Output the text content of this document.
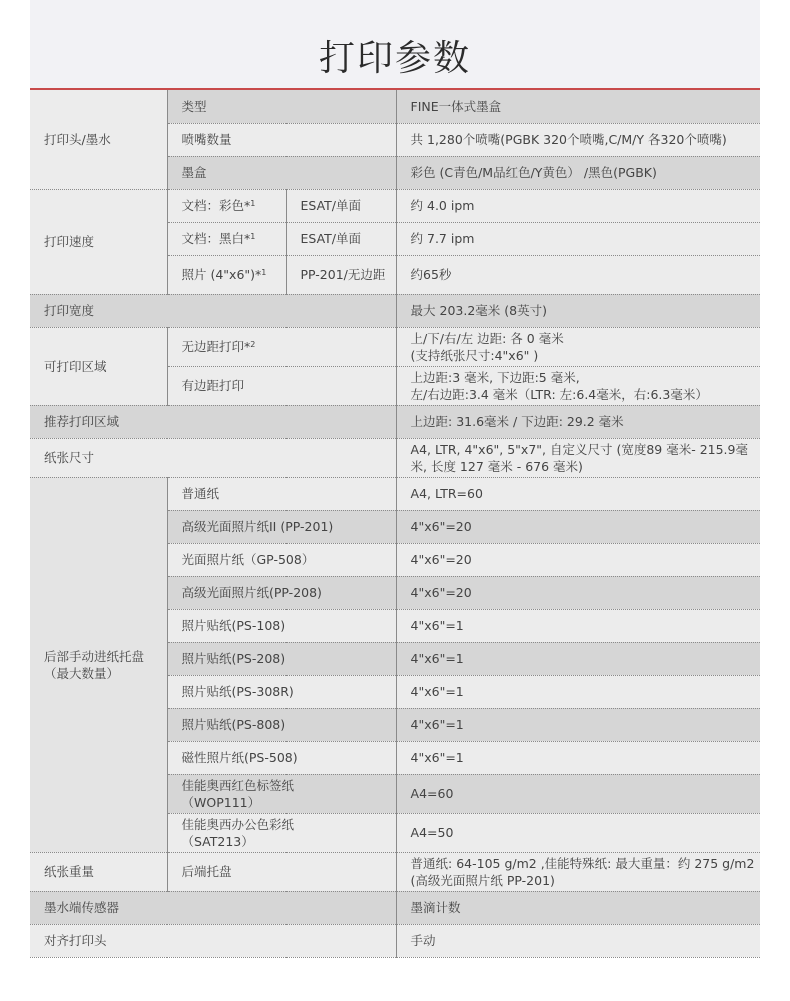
打印参数
打印头/墨水	类型		FINE一体式墨盒
	喷嘴数量		共 1,280个喷嘴(PGBK 320个喷嘴,C/M/Y 各320个喷嘴)
	墨盒		彩色 (C青色/M品红色/Y黄色） /黑色(PGBK)
打印速度	文档：彩色*$^1$	ESAT/单面	约 4.0 ipm
	文档：黑白*$^1$	ESAT/单面	约 7.7 ipm
	照片 (4"x6")*$^1$	PP-201/无边距	约65秒
打印宽度			最大 203.2毫米 (8英寸)
可打印区域	无边距打印*$^2$		上/下/右/左 边距: 各 0 毫米
(支持纸张尺寸:4"x6" )

	有边距打印		上边距:3 毫米, 下边距:5 毫米,
左/右边距:3.4 毫米（LTR: 左:6.4毫米，右:6.3毫米）

推荐打印区域			上边距: 31.6毫米 / 下边距: 29.2 毫米
纸张尺寸			A4, LTR, 4"x6", 5"x7", 自定义尺寸 (宽度89 毫米- 215.9毫米, 长度 127 毫米 - 676 毫米)

后部手动进纸托盘
（最大数量）	普通纸		A4, LTR=60
	高级光面照片纸II (PP-201)		4"x6"=20
	光面照片纸（GP-508）		4"x6"=20
	高级光面照片纸(PP-208)		4"x6"=20
	照片贴纸(PS-108)		4"x6"=1
	照片贴纸(PS-208)		4"x6"=1
	照片贴纸(PS-308R)		4"x6"=1
	照片贴纸(PS-808)		4"x6"=1
	磁性照片纸(PS-508)		4"x6"=1

	佳能奥西红色标签纸
（WOP111）		A4=60

	佳能奥西办公色彩纸
（SAT213）		A4=50
纸张重量	后端托盘		普通纸: 64-105 g/m2 ,佳能特殊纸: 最大重量：约 275 g/m2
(高级光面照片纸 PP-201)

墨水端传感器			墨滴计数
对齐打印头			手动
